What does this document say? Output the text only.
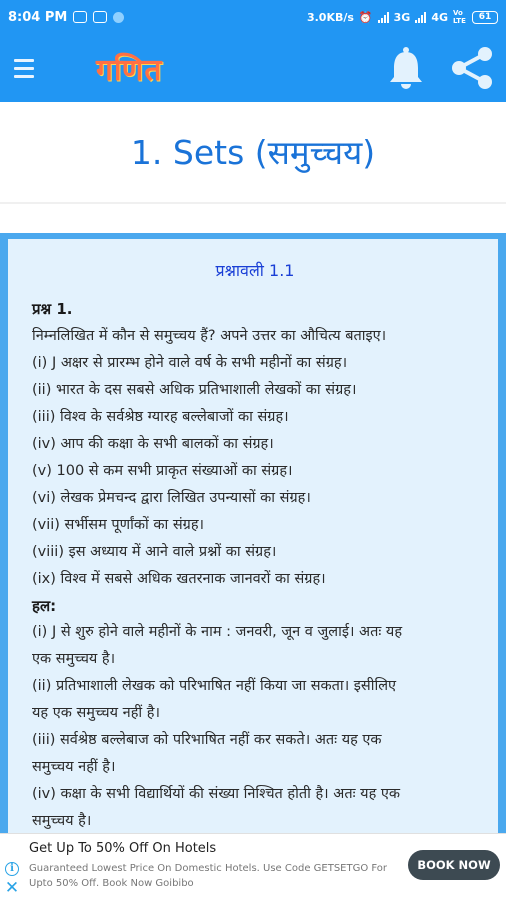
8:04 PM	3.0KB/s ⏰ 3G 4G Vo LTE	61
गणित
1. Sets (समुच्चय)
प्रश्नावली 1.1
प्रश्न 1.
निम्नलिखित में कौन से समुच्चय हैं? अपने उत्तर का औचित्य बताइए।
(i) J अक्षर से प्रारम्भ होने वाले वर्ष के सभी महीनों का संग्रह।
(ii) भारत के दस सबसे अधिक प्रतिभाशाली लेखकों का संग्रह।
(iii) विश्व के सर्वश्रेष्ठ ग्यारह बल्लेबाजों का संग्रह।
(iv) आप की कक्षा के सभी बालकों का संग्रह।
(v) 100 से कम सभी प्राकृत संख्याओं का संग्रह।
(vi) लेखक प्रेमचन्द द्वारा लिखित उपन्यासों का संग्रह।
(vii) सर्भीसम पूर्णांकों का संग्रह।
(viii) इस अध्याय में आने वाले प्रश्नों का संग्रह।
(ix) विश्व में सबसे अधिक खतरनाक जानवरों का संग्रह।
हल:
(i) J से शुरु होने वाले महीनों के नाम : जनवरी, जून व जुलाई। अतः यह
एक समुच्चय है।
(ii) प्रतिभाशाली लेखक को परिभाषित नहीं किया जा सकता। इसीलिए
यह एक समुच्चय नहीं है।
(iii) सर्वश्रेष्ठ बल्लेबाज को परिभाषित नहीं कर सकते। अतः यह एक
समुच्चय नहीं है।
(iv) कक्षा के सभी विद्यार्थियों की संख्या निश्चित होती है। अतः यह एक
समुच्चय है।
i
✕
Get Up To 50% Off On Hotels
Guaranteed Lowest Price On Domestic Hotels. Use Code GETSETGO For Upto 50% Off. Book Now Goibibo
BOOK NOW
